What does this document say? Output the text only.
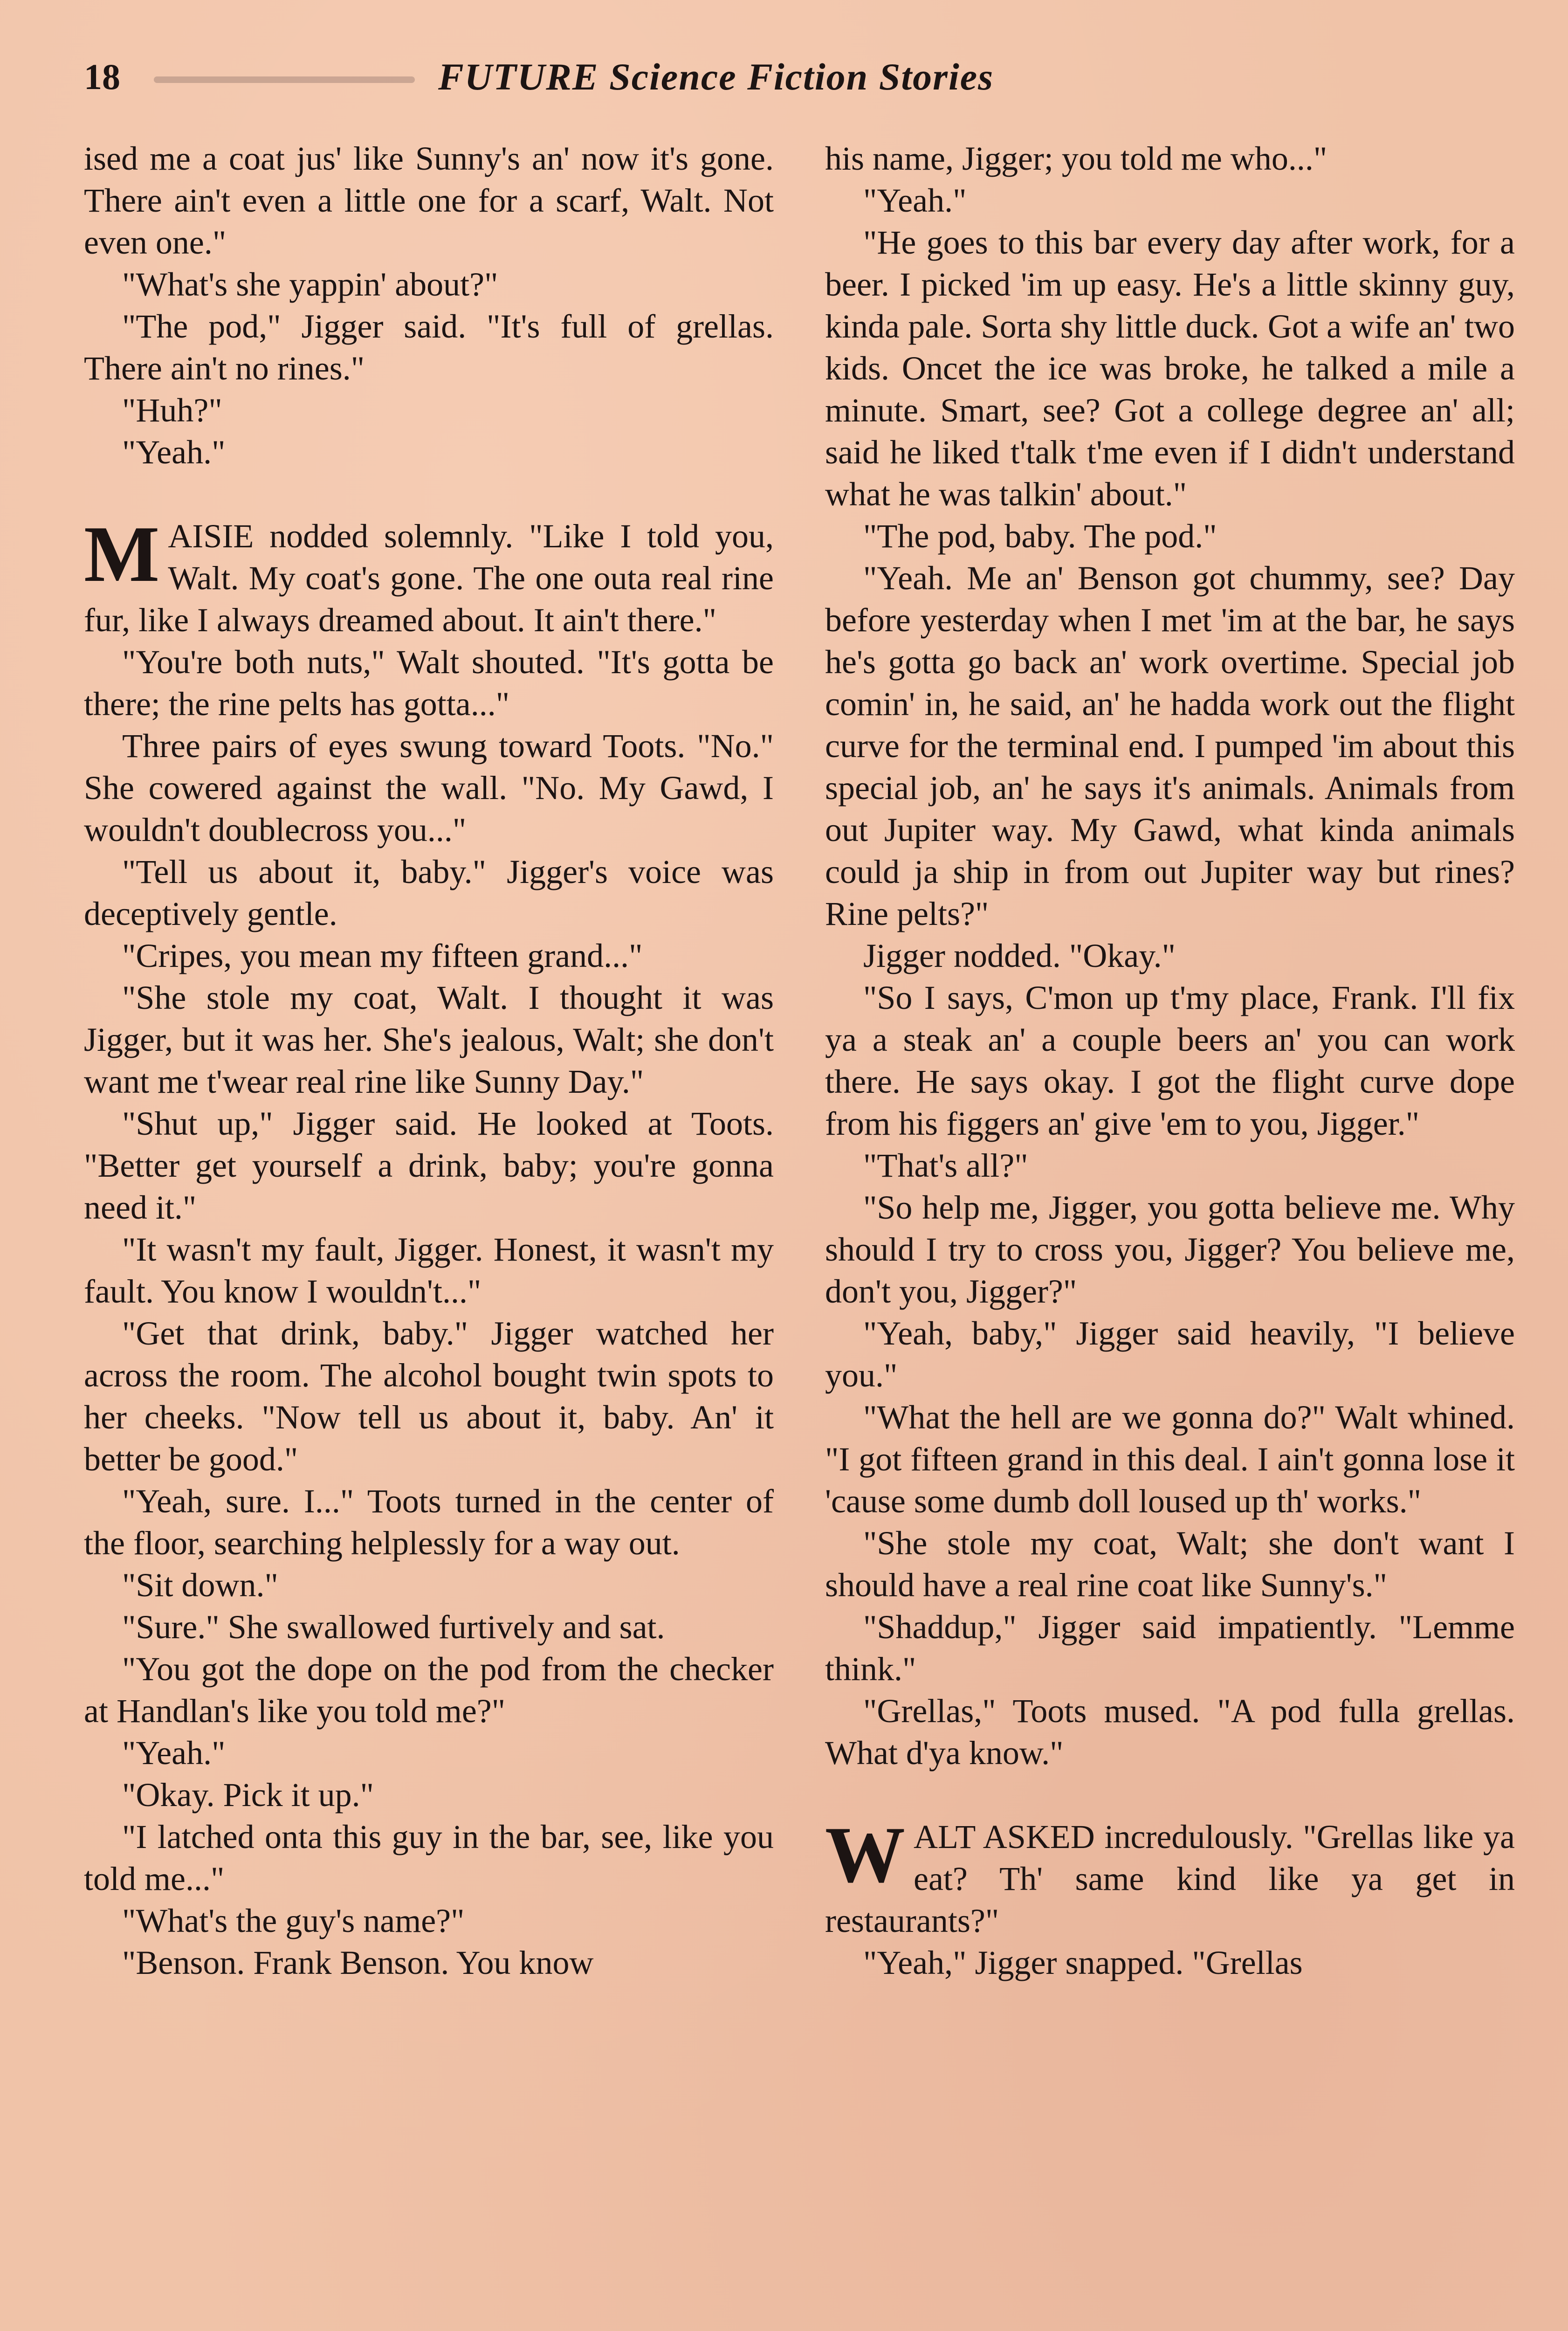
18	FUTURE Science Fiction Stories

ised me a coat jus' like Sunny's an' now it's gone. There ain't even a little one for a scarf, Walt. Not even one."

"What's she yappin' about?"

"The pod," Jigger said. "It's full of grellas. There ain't no rines."

"Huh?"

"Yeah."

MAISIE nodded solemnly. "Like I told you, Walt. My coat's gone. The one outa real rine fur, like I always dreamed about. It ain't there."

"You're both nuts," Walt shouted. "It's gotta be there; the rine pelts has gotta..."

Three pairs of eyes swung toward Toots. "No." She cowered against the wall. "No. My Gawd, I wouldn't doublecross you..."

"Tell us about it, baby." Jigger's voice was deceptively gentle.

"Cripes, you mean my fifteen grand..."

"She stole my coat, Walt. I thought it was Jigger, but it was her. She's jealous, Walt; she don't want me t'wear real rine like Sunny Day."

"Shut up," Jigger said. He looked at Toots. "Better get yourself a drink, baby; you're gonna need it."

"It wasn't my fault, Jigger. Honest, it wasn't my fault. You know I wouldn't..."

"Get that drink, baby." Jigger watched her across the room. The alcohol bought twin spots to her cheeks. "Now tell us about it, baby. An' it better be good."

"Yeah, sure. I..." Toots turned in the center of the floor, searching helplessly for a way out.

"Sit down."

"Sure." She swallowed furtively and sat.

"You got the dope on the pod from the checker at Handlan's like you told me?"

"Yeah."

"Okay. Pick it up."

"I latched onta this guy in the bar, see, like you told me..."

"What's the guy's name?"

"Benson. Frank Benson. You know

his name, Jigger; you told me who..."

"Yeah."

"He goes to this bar every day after work, for a beer. I picked 'im up easy. He's a little skinny guy, kinda pale. Sorta shy little duck. Got a wife an' two kids. Oncet the ice was broke, he talked a mile a minute. Smart, see? Got a college degree an' all; said he liked t'talk t'me even if I didn't understand what he was talkin' about."

"The pod, baby. The pod."

"Yeah. Me an' Benson got chummy, see? Day before yesterday when I met 'im at the bar, he says he's gotta go back an' work overtime. Special job comin' in, he said, an' he hadda work out the flight curve for the terminal end. I pumped 'im about this special job, an' he says it's animals. Animals from out Jupiter way. My Gawd, what kinda animals could ja ship in from out Jupiter way but rines? Rine pelts?"

Jigger nodded. "Okay."

"So I says, C'mon up t'my place, Frank. I'll fix ya a steak an' a couple beers an' you can work there. He says okay. I got the flight curve dope from his figgers an' give 'em to you, Jigger."

"That's all?"

"So help me, Jigger, you gotta believe me. Why should I try to cross you, Jigger? You believe me, don't you, Jigger?"

"Yeah, baby," Jigger said heavily, "I believe you."

"What the hell are we gonna do?" Walt whined. "I got fifteen grand in this deal. I ain't gonna lose it 'cause some dumb doll loused up th' works."

"She stole my coat, Walt; she don't want I should have a real rine coat like Sunny's."

"Shaddup," Jigger said impatiently. "Lemme think."

"Grellas," Toots mused. "A pod fulla grellas. What d'ya know."

WALT ASKED incredulously. "Grellas like ya eat? Th' same kind like ya get in restaurants?"

"Yeah," Jigger snapped. "Grellas
